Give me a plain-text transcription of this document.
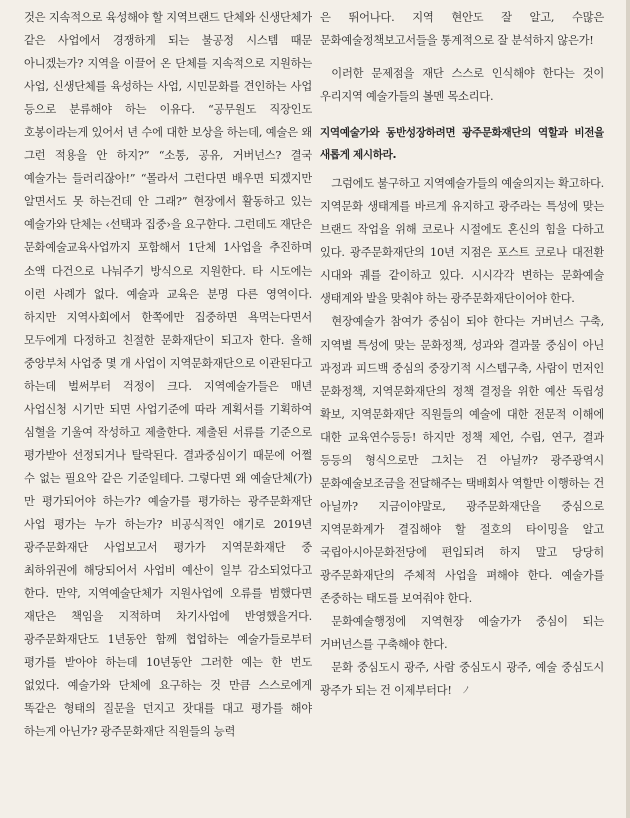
것은 지속적으로 육성해야 할 지역브랜드 단체와 신생단체가 같은 사업에서 경쟁하게 되는 불공정 시스템 때문 아니겠는가? 지역을 이끌어 온 단체를 지속적으로 지원하는 사업, 신생단체를 육성하는 사업, 시민문화를 견인하는 사업 등으로 분류해야 하는 이유다. “공무원도 직장인도 호봉이라는게 있어서 년 수에 대한 보상을 하는데, 예술은 왜 그런 적용을 안 하지?” “소통, 공유, 거버넌스? 결국 예술가는 들러리잖아!” “몰라서 그런다면 배우면 되겠지만 알면서도 못 하는건데 안 그래?” 현장에서 활동하고 있는 예술가와 단체는 ‹선택과 집중›을 요구한다. 그런데도 재단은 문화예술교육사업까지 포함해서 1단체 1사업을 추진하며 소액 다건으로 나눠주기 방식으로 지원한다. 타 시도에는 이런 사례가 없다. 예술과 교육은 분명 다른 영역이다. 하지만 지역사회에서 한쪽에만 집중하면 욕먹는다면서 모두에게 다정하고 친절한 문화재단이 되고자 한다. 올해 중앙부처 사업중 몇 개 사업이 지역문화재단으로 이관된다고 하는데 벌써부터 걱정이 크다. 지역예술가들은 매년 사업신청 시기만 되면 사업기준에 따라 계획서를 기획하여 심혈을 기울여 작성하고 제출한다. 제출된 서류를 기준으로 평가받아 선정되거나 탈락된다. 결과중심이기 때문에 어쩔 수 없는 필요악 같은 기준일테다. 그렇다면 왜 예술단체(가)만 평가되어야 하는가? 예술가를 평가하는 광주문화재단 사업 평가는 누가 하는가? 비공식적인 얘기로 2019년 광주문화재단 사업보고서 평가가 지역문화재단 중 최하위권에 해당되어서 사업비 예산이 일부 감소되었다고 한다. 만약, 지역예술단체가 지원사업에 오류를 범했다면 재단은 책임을 지적하며 차기사업에 반영했을거다. 광주문화재단도 1년동안 함께 협업하는 예술가들로부터 평가를 받아야 하는데 10년동안 그러한 예는 한 번도 없었다. 예술가와 단체에 요구하는 것 만큼 스스로에게 똑같은 형태의 질문을 던지고 잣대를 대고 평가를 해야 하는게 아닌가? 광주문화재단 직원들의 능력

은 뛰어나다. 지역 현안도 잘 알고, 수많은 문화예술정책보고서들을 통계적으로 잘 분석하지 않은가!

이러한 문제점을 재단 스스로 인식해야 한다는 것이 우리지역 예술가들의 볼멘 목소리다.

지역예술가와 동반성장하려면 광주문화재단의 역할과 비전을 새롭게 제시하라.

그럼에도 불구하고 지역예술가들의 예술의지는 확고하다. 지역문화 생태계를 바르게 유지하고 광주라는 특성에 맞는 브랜드 작업을 위해 코로나 시절에도 혼신의 힘을 다하고 있다. 광주문화재단의 10년 지점은 포스트 코로나 대전환 시대와 궤를 같이하고 있다. 시시각각 변하는 문화예술 생태계와 발을 맞춰야 하는 광주문화재단이어야 한다.

현장예술가 참여가 중심이 되야 한다는 거버넌스 구축, 지역별 특성에 맞는 문화정책, 성과와 결과물 중심이 아닌 과정과 피드백 중심의 중장기적 시스템구축, 사람이 먼저인 문화정책, 지역문화재단의 정책 결정을 위한 예산 독립성 확보, 지역문화재단 직원들의 예술에 대한 전문적 이해에 대한 교육연수등등! 하지만 정책 제언, 수립, 연구, 결과 등등의 형식으로만 그치는 건 아닐까? 광주광역시 문화예술보조금을 전달해주는 택배회사 역할만 이행하는 건 아닐까? 지금이야말로, 광주문화재단을 중심으로 지역문화계가 결집해야 할 절호의 타이밍을 알고 국립아시아문화전당에 편입되려 하지 말고 당당히 광주문화재단의 주체적 사업을 펴해야 한다. 예술가를 존중하는 태도를 보여줘야 한다.

문화예술행정에 지역현장 예술가가 중심이 되는 거버넌스를 구축해야 한다.

문화 중심도시 광주, 사람 중심도시 광주, 예술 중심도시 광주가 되는 건 이제부터다! ﾉ
